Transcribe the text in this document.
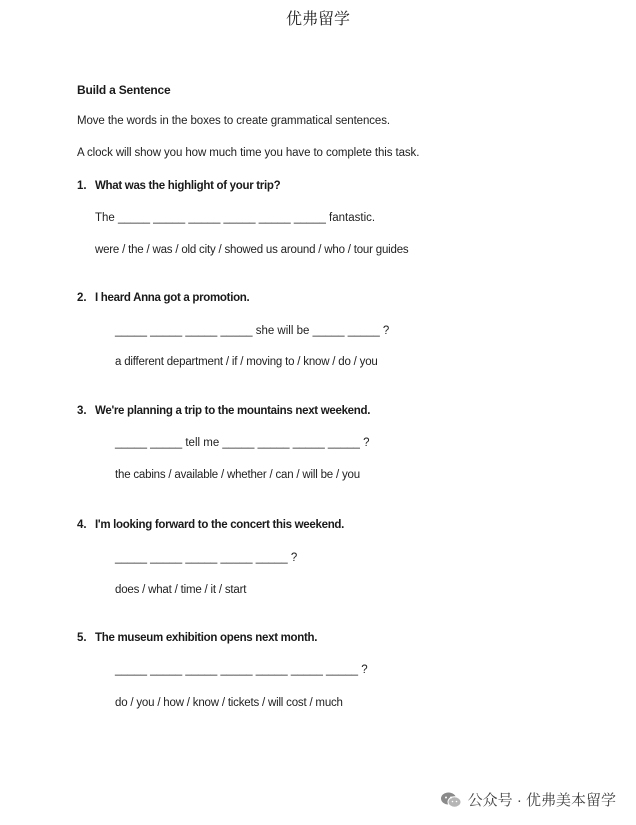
优弗留学
Build a Sentence
Move the words in the boxes to create grammatical sentences.
A clock will show you how much time you have to complete this task.
1. What was the highlight of your trip?
The _____ _____ _____ _____ _____ _____ fantastic.
were / the / was / old city / showed us around / who / tour guides
2. I heard Anna got a promotion.
_____ _____ _____ _____ she will be _____ _____ ?
a different department / if / moving to / know / do / you
3. We're planning a trip to the mountains next weekend.
_____ _____ tell me _____ _____ _____ _____ ?
the cabins / available / whether / can / will be / you
4. I'm looking forward to the concert this weekend.
_____ _____ _____ _____ _____ ?
does / what / time / it / start
5. The museum exhibition opens next month.
_____ _____ _____ _____ _____ _____ _____ ?
do / you / how / know / tickets / will cost / much
公众号 · 优弗美本留学
